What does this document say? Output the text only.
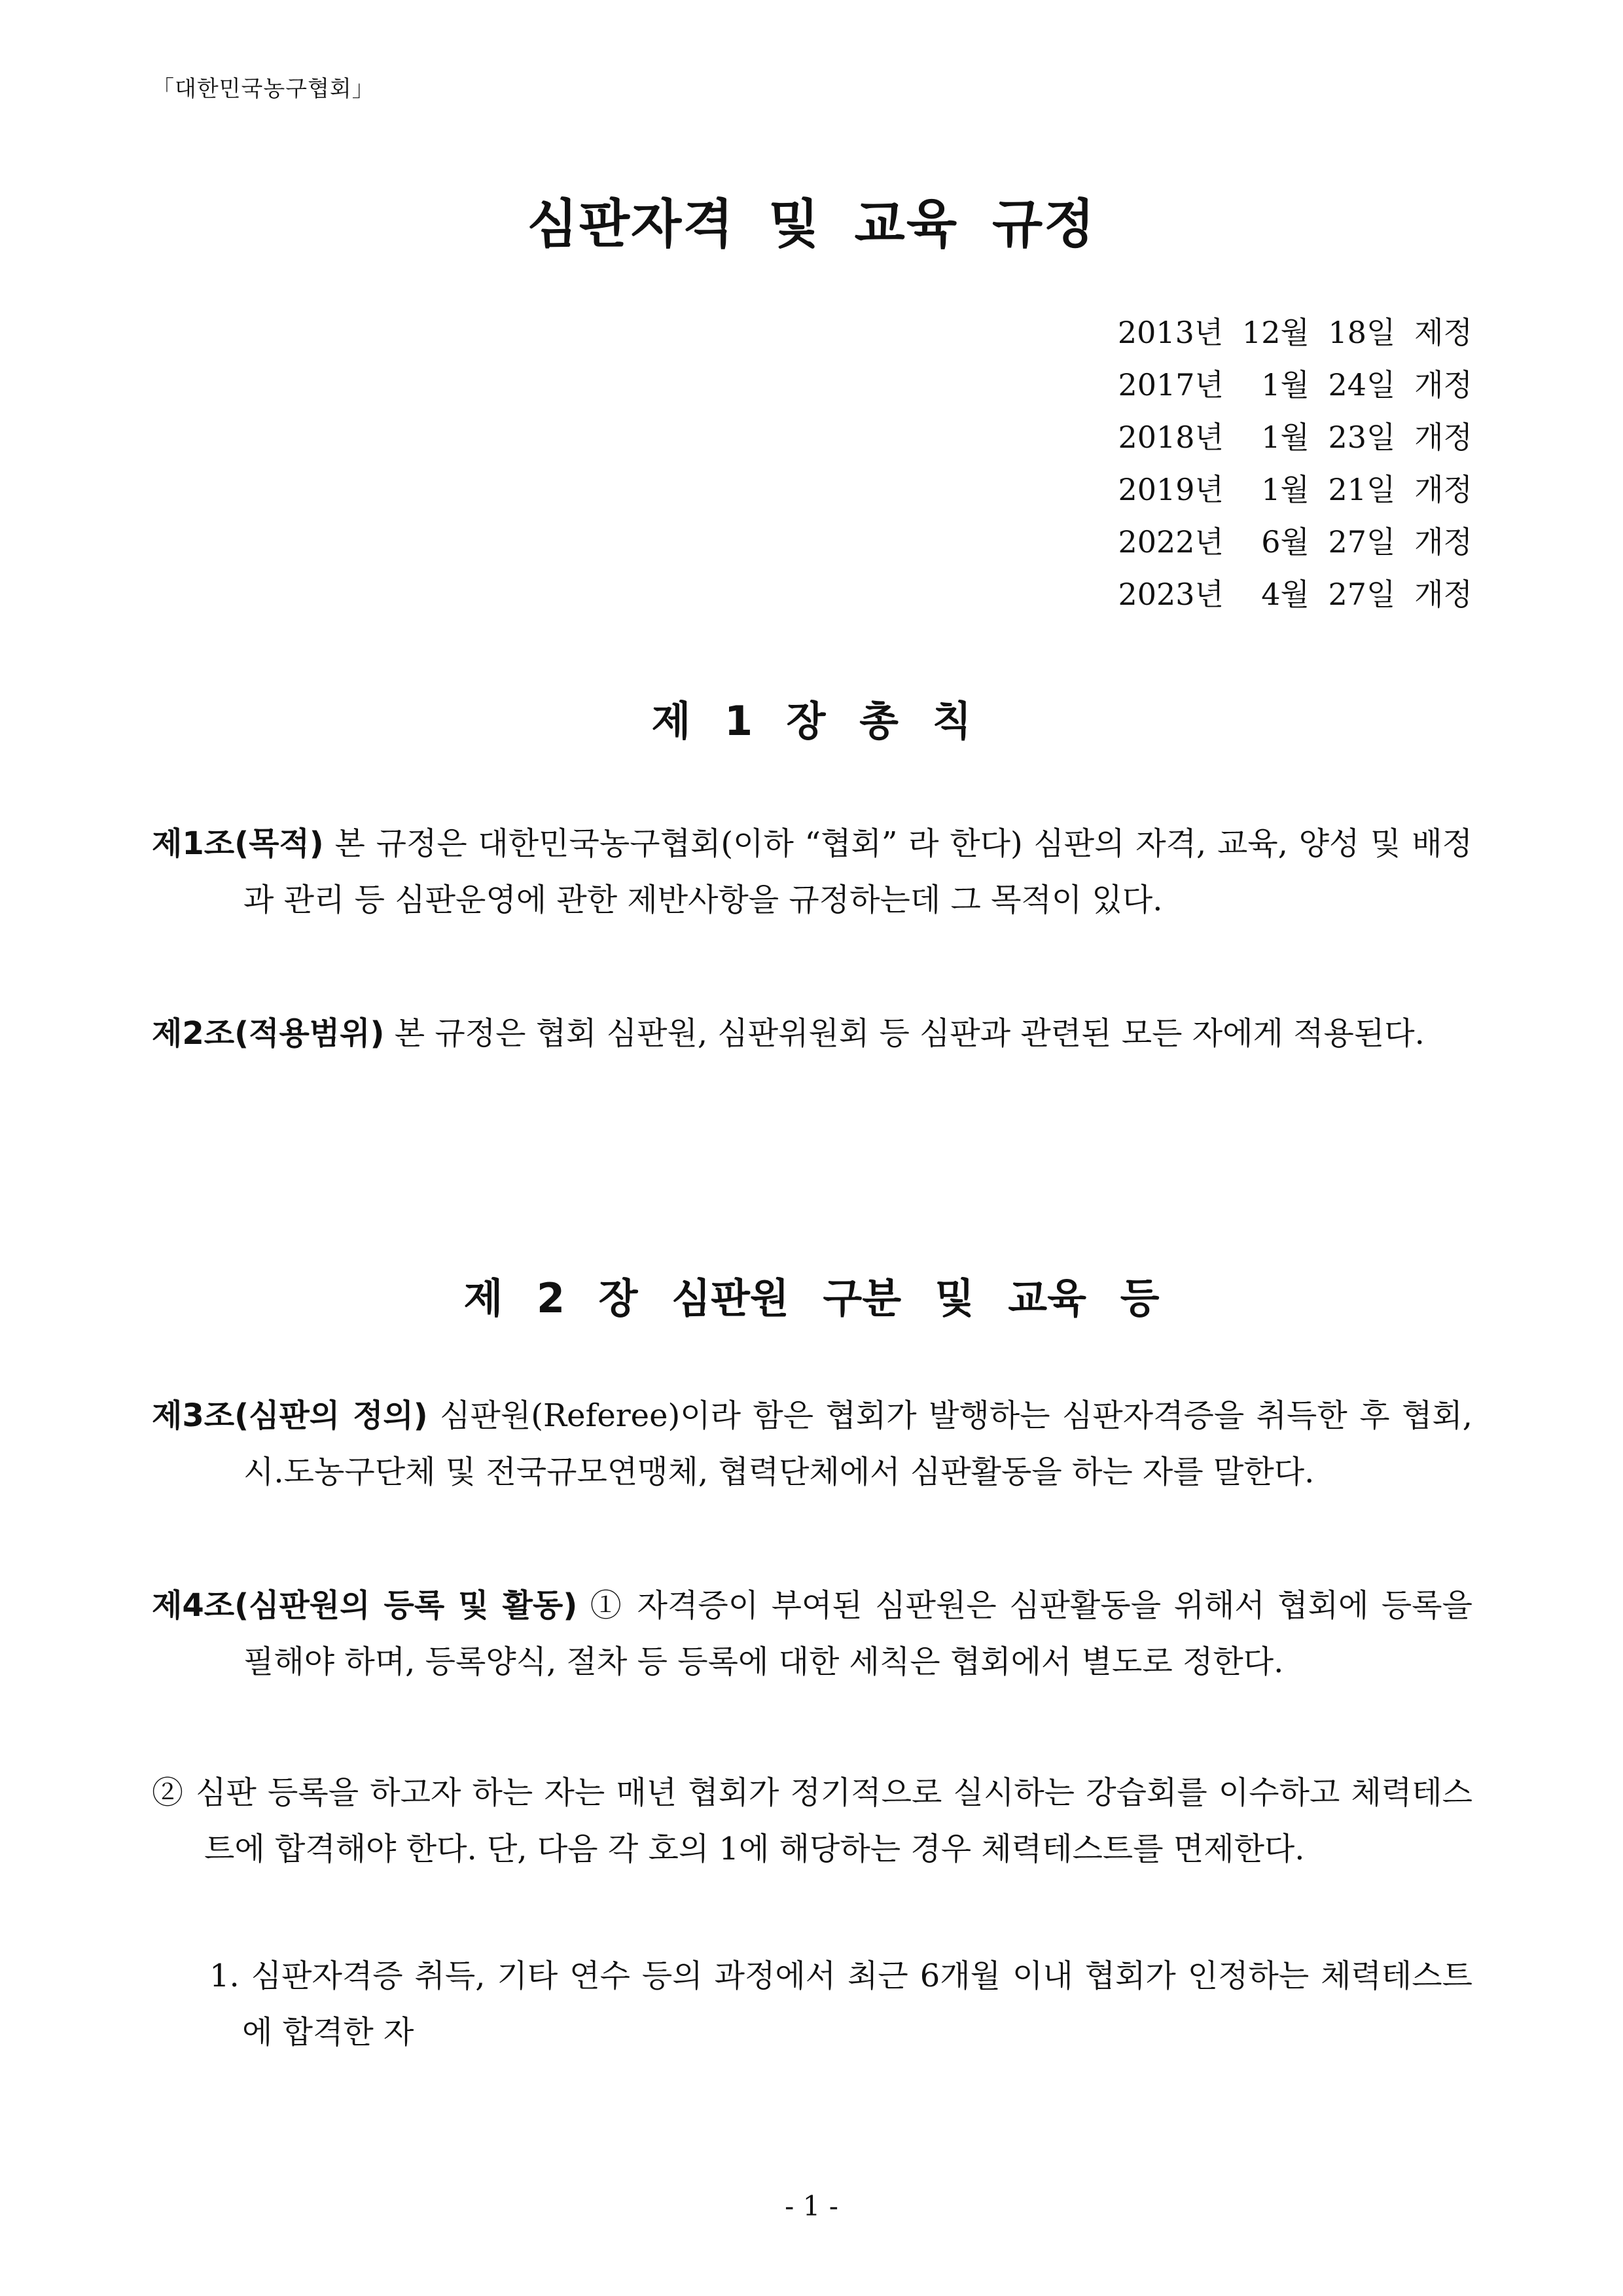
「대한민국농구협회」
심판자격 및 교육 규정
2013년 12월 18일 제정
2017년  1월 24일 개정
2018년  1월 23일 개정
2019년  1월 21일 개정
2022년  6월 27일 개정
2023년  4월 27일 개정
제 1 장 총 칙

제1조(목적) 본 규정은 대한민국농구협회(이하 “협회” 라 한다) 심판의 자격, 교육, 양성 및 배정과 관리 등 심판운영에 관한 제반사항을 규정하는데 그 목적이 있다.

제2조(적용범위) 본 규정은 협회 심판원, 심판위원회 등 심판과 관련된 모든 자에게 적용된다.

제 2 장 심판원 구분 및 교육 등

제3조(심판의 정의) 심판원(Referee)이라 함은 협회가 발행하는 심판자격증을 취득한 후 협회, 시.도농구단체 및 전국규모연맹체, 협력단체에서 심판활동을 하는 자를 말한다.

제4조(심판원의 등록 및 활동) ① 자격증이 부여된 심판원은 심판활동을 위해서 협회에 등록을 필해야 하며, 등록양식, 절차 등 등록에 대한 세칙은 협회에서 별도로 정한다.

② 심판 등록을 하고자 하는 자는 매년 협회가 정기적으로 실시하는 강습회를 이수하고 체력테스트에 합격해야 한다. 단, 다음 각 호의 1에 해당하는 경우 체력테스트를 면제한다.

1. 심판자격증 취득, 기타 연수 등의 과정에서 최근 6개월 이내 협회가 인정하는 체력테스트에 합격한 자

- 1 -
